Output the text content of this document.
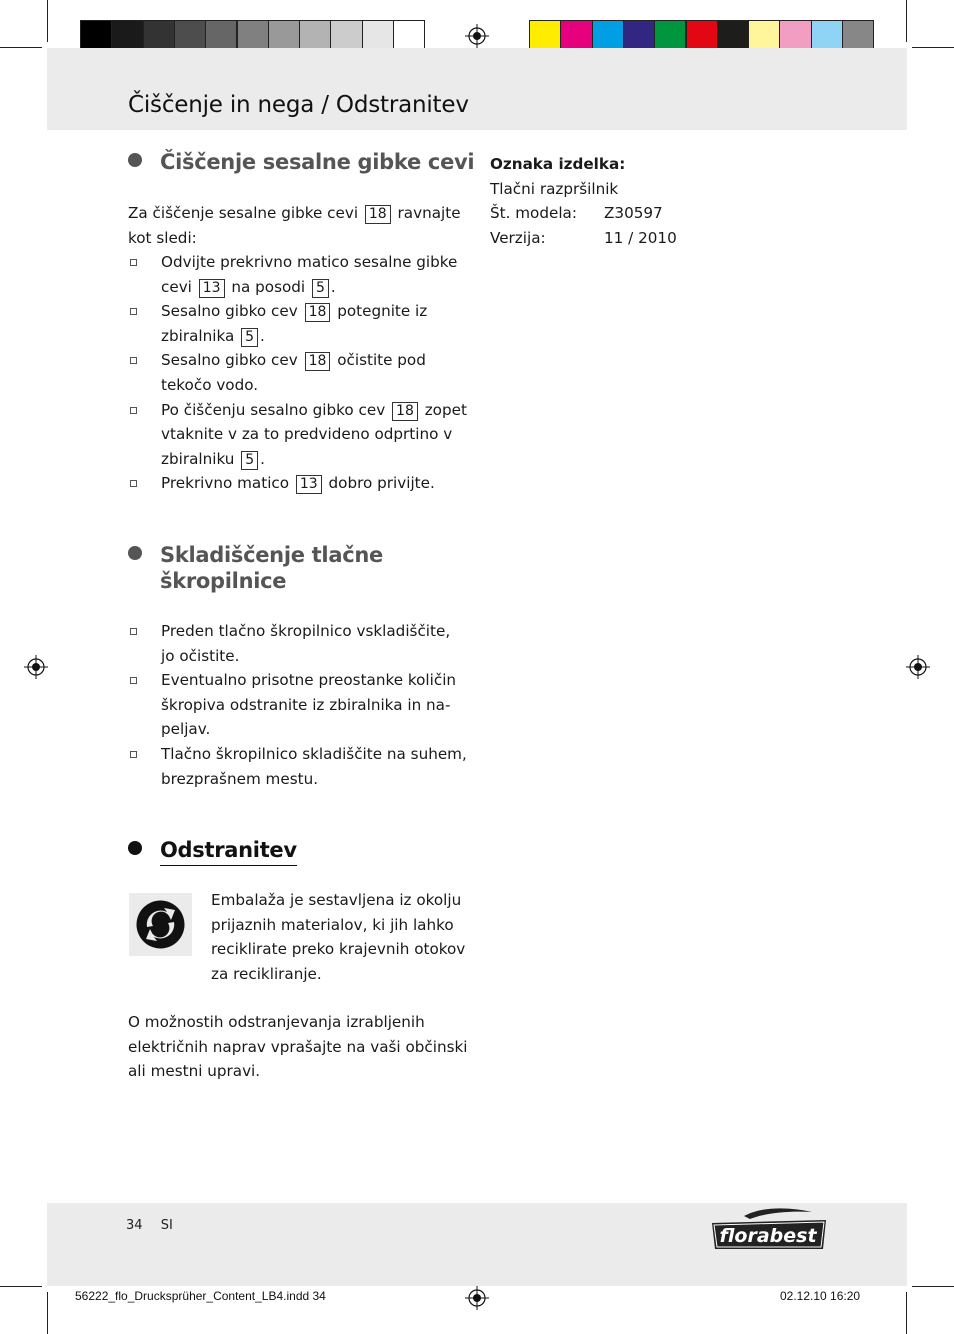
Čiščenje in nega / Odstranitev
Čiščenje sesalne gibke cevi
Za čiščenje sesalne gibke cevi 18 ravnajte kot sledi:
Odvijte prekrivno matico sesalne gibke cevi 13 na posodi 5 .
Sesalno gibko cev 18 potegnite iz zbiralnika 5 .
Sesalno gibko cev 18 očistite pod tekočo vodo.
Po čiščenju sesalno gibko cev 18 zopet vtaknite v za to predvideno odprtino v zbiralniku 5 .
Prekrivno matico 13 dobro privijte.
Skladiščenje tlačne
škropilnice
Preden tlačno škropilnico vskladiščite, jo očistite.
Eventualno prisotne preostanke količin škropiva odstranite iz zbiralnika in na-peljav.
Tlačno škropilnico skladiščite na suhem, brezprašnem mestu.
Odstranitev
Embalaža je sestavljena iz okolju prijaznih materialov, ki jih lahko reciklirate preko krajevnih otokov za recikliranje.
O možnostih odstranjevanja izrabljenih električnih naprav vprašajte na vaši občinski ali mestni upravi.
Oznaka izdelka:
Tlačni razpršilnik
Št. modela: Z30597
Verzija:	11 / 2010
34 SI	florabest
56222_flo_Drucksprüher_Content_LB4.indd 34	02.12.10 16:20
